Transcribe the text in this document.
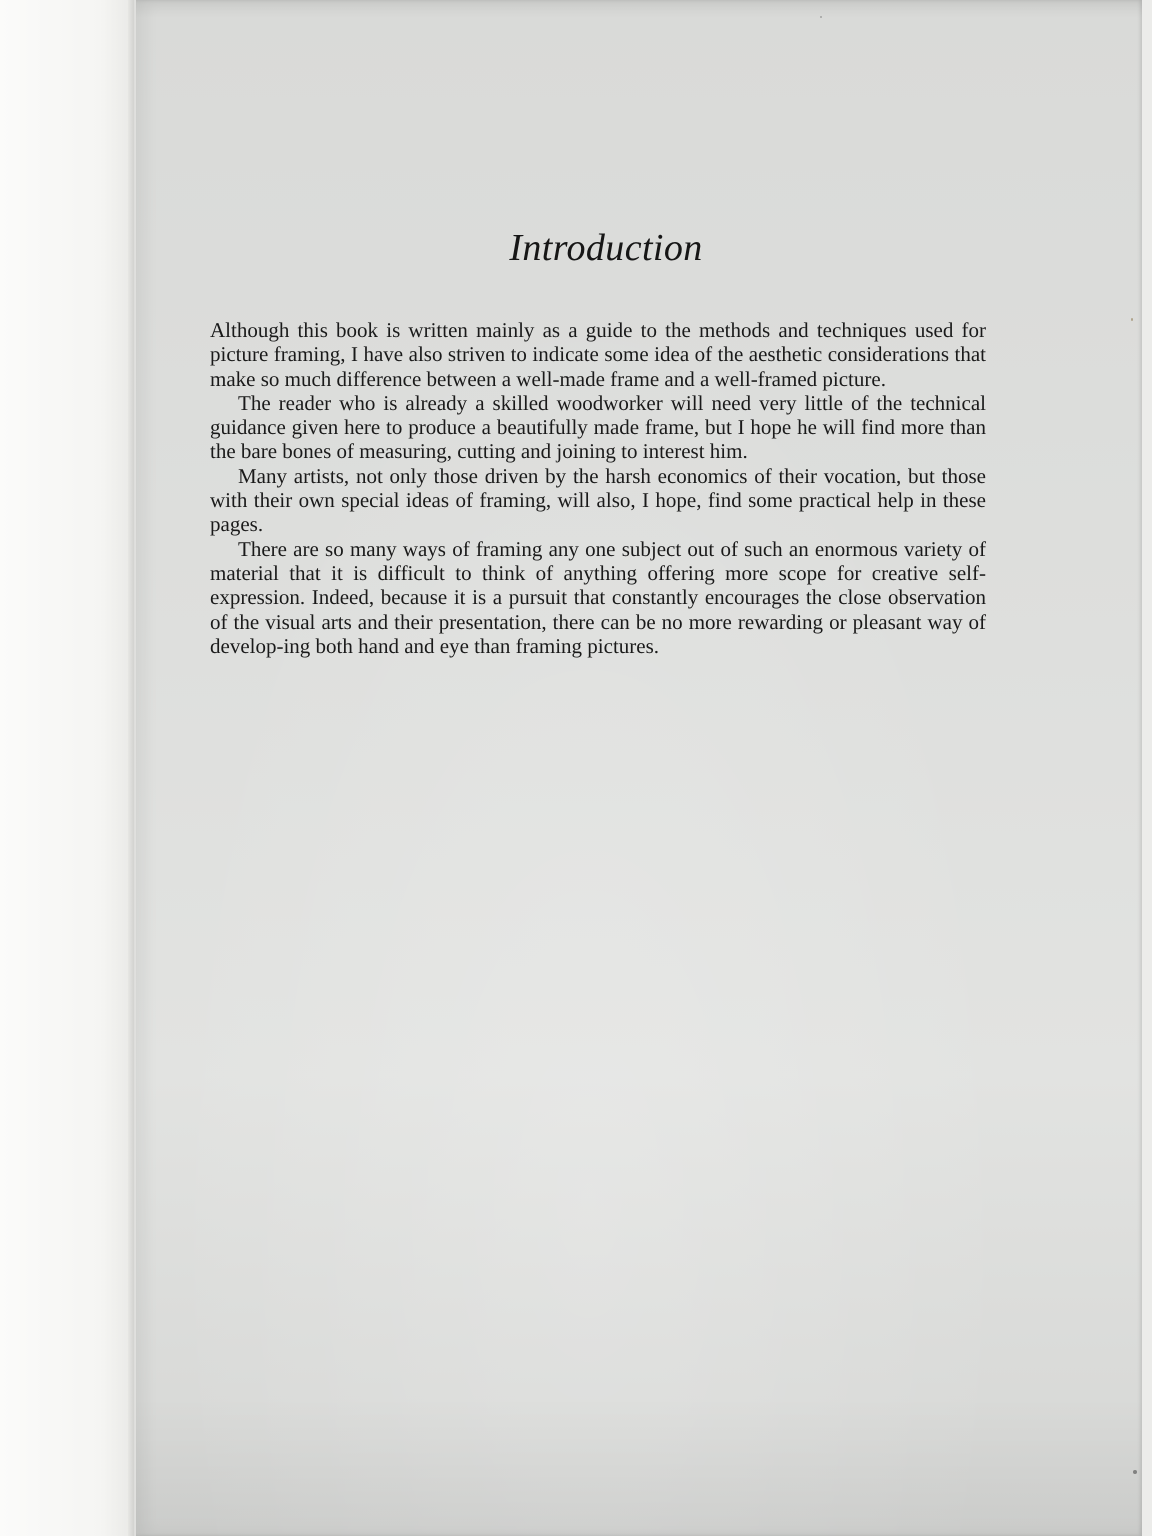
Introduction

Although this book is written mainly as a guide to the methods and techniques used for picture framing, I have also striven to indicate some idea of the aesthetic considerations that make so much difference between a well-made frame and a well-framed picture.

The reader who is already a skilled woodworker will need very little of the technical guidance given here to produce a beautifully made frame, but I hope he will find more than the bare bones of measuring, cutting and joining to interest him.

Many artists, not only those driven by the harsh economics of their vocation, but those with their own special ideas of framing, will also, I hope, find some practical help in these pages.

There are so many ways of framing any one subject out of such an enormous variety of material that it is difficult to think of anything offering more scope for creative self-expression. Indeed, because it is a pursuit that constantly encourages the close observation of the visual arts and their presentation, there can be no more rewarding or pleasant way of develop-ing both hand and eye than framing pictures.
